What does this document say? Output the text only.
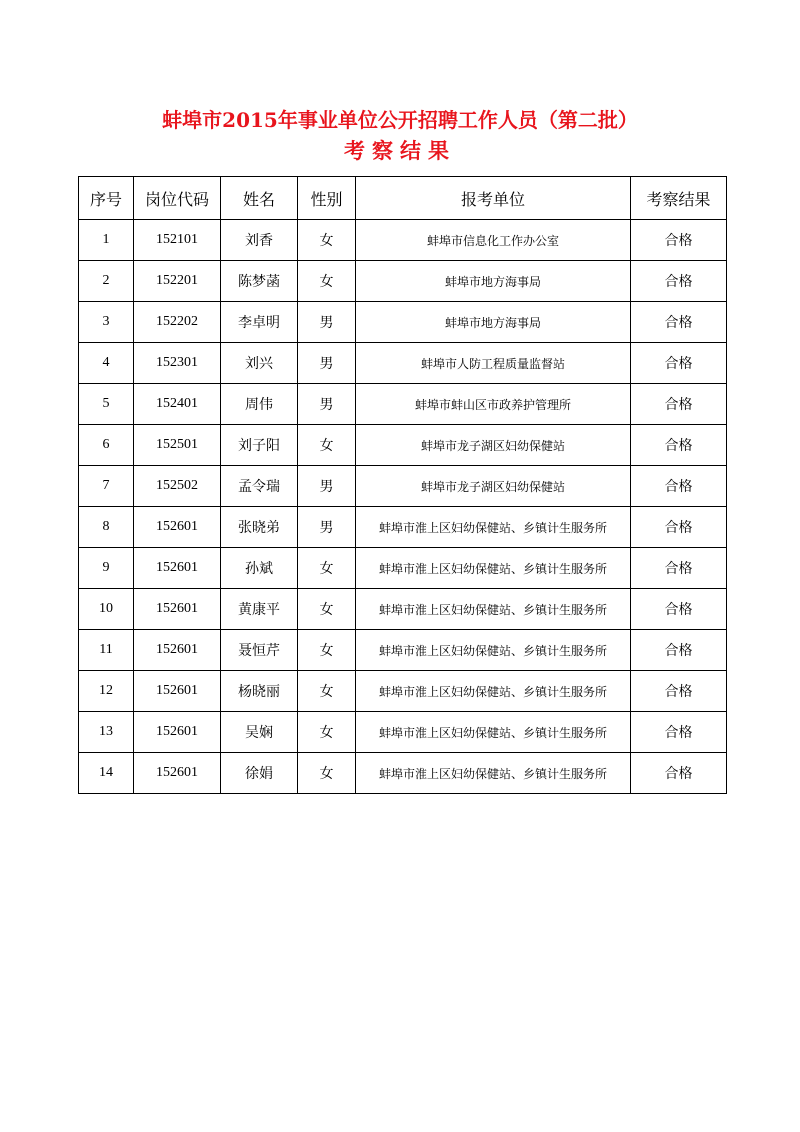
蚌埠市2015年事业单位公开招聘工作人员（第二批）
考察结果
序号	岗位代码	姓名	性别	报考单位	考察结果
1	152101	刘香	女	蚌埠市信息化工作办公室	合格
2	152201	陈梦菡	女	蚌埠市地方海事局	合格
3	152202	李卓明	男	蚌埠市地方海事局	合格
4	152301	刘兴	男	蚌埠市人防工程质量监督站	合格
5	152401	周伟	男	蚌埠市蚌山区市政养护管理所	合格
6	152501	刘子阳	女	蚌埠市龙子湖区妇幼保健站	合格
7	152502	孟令瑞	男	蚌埠市龙子湖区妇幼保健站	合格
8	152601	张晓弟	男	蚌埠市淮上区妇幼保健站、乡镇计生服务所	合格
9	152601	孙斌	女	蚌埠市淮上区妇幼保健站、乡镇计生服务所	合格
10	152601	黄康平	女	蚌埠市淮上区妇幼保健站、乡镇计生服务所	合格
11	152601	聂恒芹	女	蚌埠市淮上区妇幼保健站、乡镇计生服务所	合格
12	152601	杨晓丽	女	蚌埠市淮上区妇幼保健站、乡镇计生服务所	合格
13	152601	吴娴	女	蚌埠市淮上区妇幼保健站、乡镇计生服务所	合格
14	152601	徐娟	女	蚌埠市淮上区妇幼保健站、乡镇计生服务所	合格
